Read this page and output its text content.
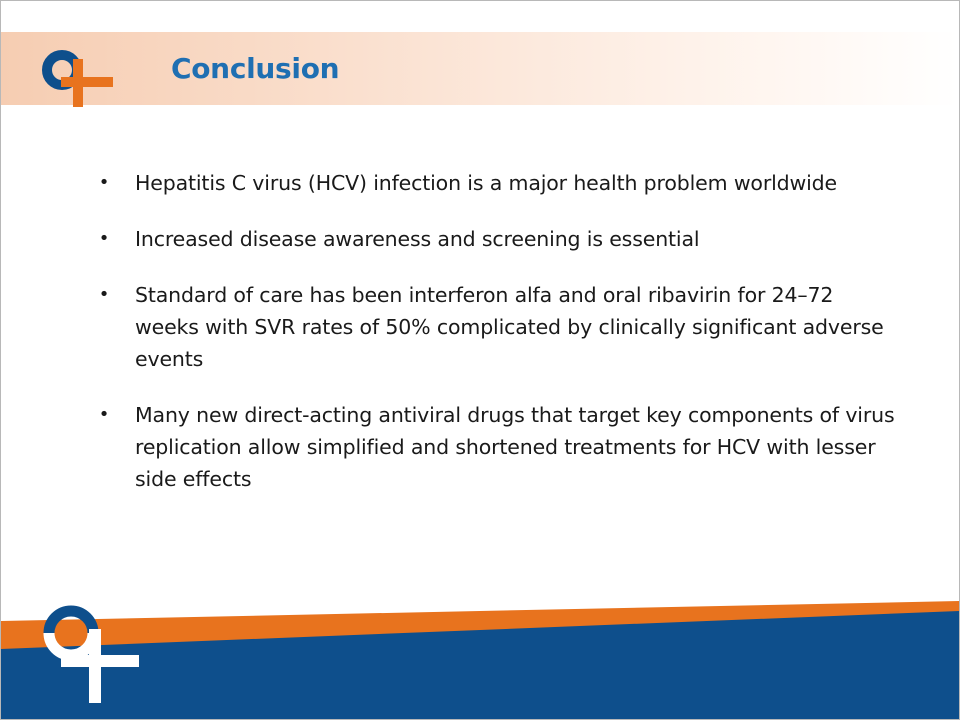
Conclusion
• Hepatitis C virus (HCV) infection is a major health problem worldwide
• Increased disease awareness and screening is essential
• Standard of care has been interferon alfa and oral ribavirin for 24–72 weeks with SVR rates of 50% complicated by clinically significant adverse events
• Many new direct-acting antiviral drugs that target key components of virus replication allow simplified and shortened treatments for HCV with lesser side effects
